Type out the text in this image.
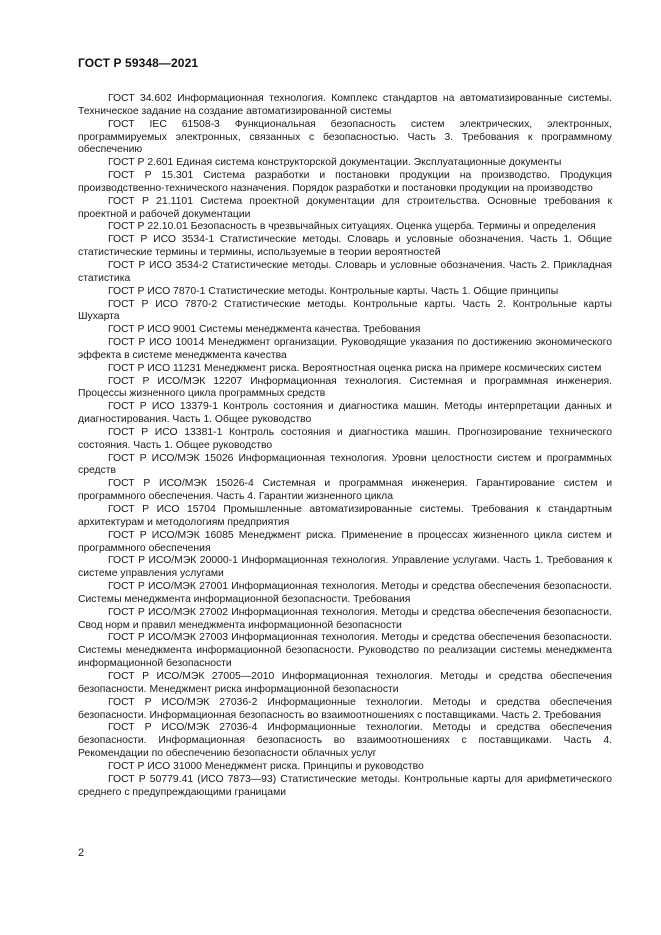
ГОСТ Р 59348—2021

ГОСТ 34.602 Информационная технология. Комплекс стандартов на автоматизированные системы. Техническое задание на создание автоматизированной системы

ГОСТ IEC 61508-3 Функциональная безопасность систем электрических, электронных, программируемых электронных, связанных с безопасностью. Часть 3. Требования к программному обеспечению

ГОСТ Р 2.601 Единая система конструкторской документации. Эксплуатационные документы

ГОСТ Р 15.301 Система разработки и постановки продукции на производство. Продукция производственно-технического назначения. Порядок разработки и постановки продукции на производство

ГОСТ Р 21.1101 Система проектной документации для строительства. Основные требования к проектной и рабочей документации

ГОСТ Р 22.10.01 Безопасность в чрезвычайных ситуациях. Оценка ущерба. Термины и определения

ГОСТ Р ИСО 3534-1 Статистические методы. Словарь и условные обозначения. Часть 1. Общие статистические термины и термины, используемые в теории вероятностей

ГОСТ Р ИСО 3534-2 Статистические методы. Словарь и условные обозначения. Часть 2. Прикладная статистика

ГОСТ Р ИСО 7870-1 Статистические методы. Контрольные карты. Часть 1. Общие принципы

ГОСТ Р ИСО 7870-2 Статистические методы. Контрольные карты. Часть 2. Контрольные карты Шухарта

ГОСТ Р ИСО 9001 Системы менеджмента качества. Требования

ГОСТ Р ИСО 10014 Менеджмент организации. Руководящие указания по достижению экономического эффекта в системе менеджмента качества

ГОСТ Р ИСО 11231 Менеджмент риска. Вероятностная оценка риска на примере космических систем

ГОСТ Р ИСО/МЭК 12207 Информационная технология. Системная и программная инженерия. Процессы жизненного цикла программных средств

ГОСТ Р ИСО 13379-1 Контроль состояния и диагностика машин. Методы интерпретации данных и диагностирования. Часть 1. Общее руководство

ГОСТ Р ИСО 13381-1 Контроль состояния и диагностика машин. Прогнозирование технического состояния. Часть 1. Общее руководство

ГОСТ Р ИСО/МЭК 15026 Информационная технология. Уровни целостности систем и программных средств

ГОСТ Р ИСО/МЭК 15026-4 Системная и программная инженерия. Гарантирование систем и программного обеспечения. Часть 4. Гарантии жизненного цикла

ГОСТ Р ИСО 15704 Промышленные автоматизированные системы. Требования к стандартным архитектурам и методологиям предприятия

ГОСТ Р ИСО/МЭК 16085 Менеджмент риска. Применение в процессах жизненного цикла систем и программного обеспечения

ГОСТ Р ИСО/МЭК 20000-1 Информационная технология. Управление услугами. Часть 1. Требования к системе управления услугами

ГОСТ Р ИСО/МЭК 27001 Информационная технология. Методы и средства обеспечения безопасности. Системы менеджмента информационной безопасности. Требования

ГОСТ Р ИСО/МЭК 27002 Информационная технология. Методы и средства обеспечения безопасности. Свод норм и правил менеджмента информационной безопасности

ГОСТ Р ИСО/МЭК 27003 Информационная технология. Методы и средства обеспечения безопасности. Системы менеджмента информационной безопасности. Руководство по реализации системы менеджмента информационной безопасности

ГОСТ Р ИСО/МЭК 27005—2010 Информационная технология. Методы и средства обеспечения безопасности. Менеджмент риска информационной безопасности

ГОСТ Р ИСО/МЭК 27036-2 Информационные технологии. Методы и средства обеспечения безопасности. Информационная безопасность во взаимоотношениях с поставщиками. Часть 2. Требования

ГОСТ Р ИСО/МЭК 27036-4 Информационные технологии. Методы и средства обеспечения безопасности. Информационная безопасность во взаимоотношениях с поставщиками. Часть 4. Рекомендации по обеспечению безопасности облачных услуг

ГОСТ Р ИСО 31000 Менеджмент риска. Принципы и руководство

ГОСТ Р 50779.41 (ИСО 7873—93) Статистические методы. Контрольные карты для арифметического среднего с предупреждающими границами

2
